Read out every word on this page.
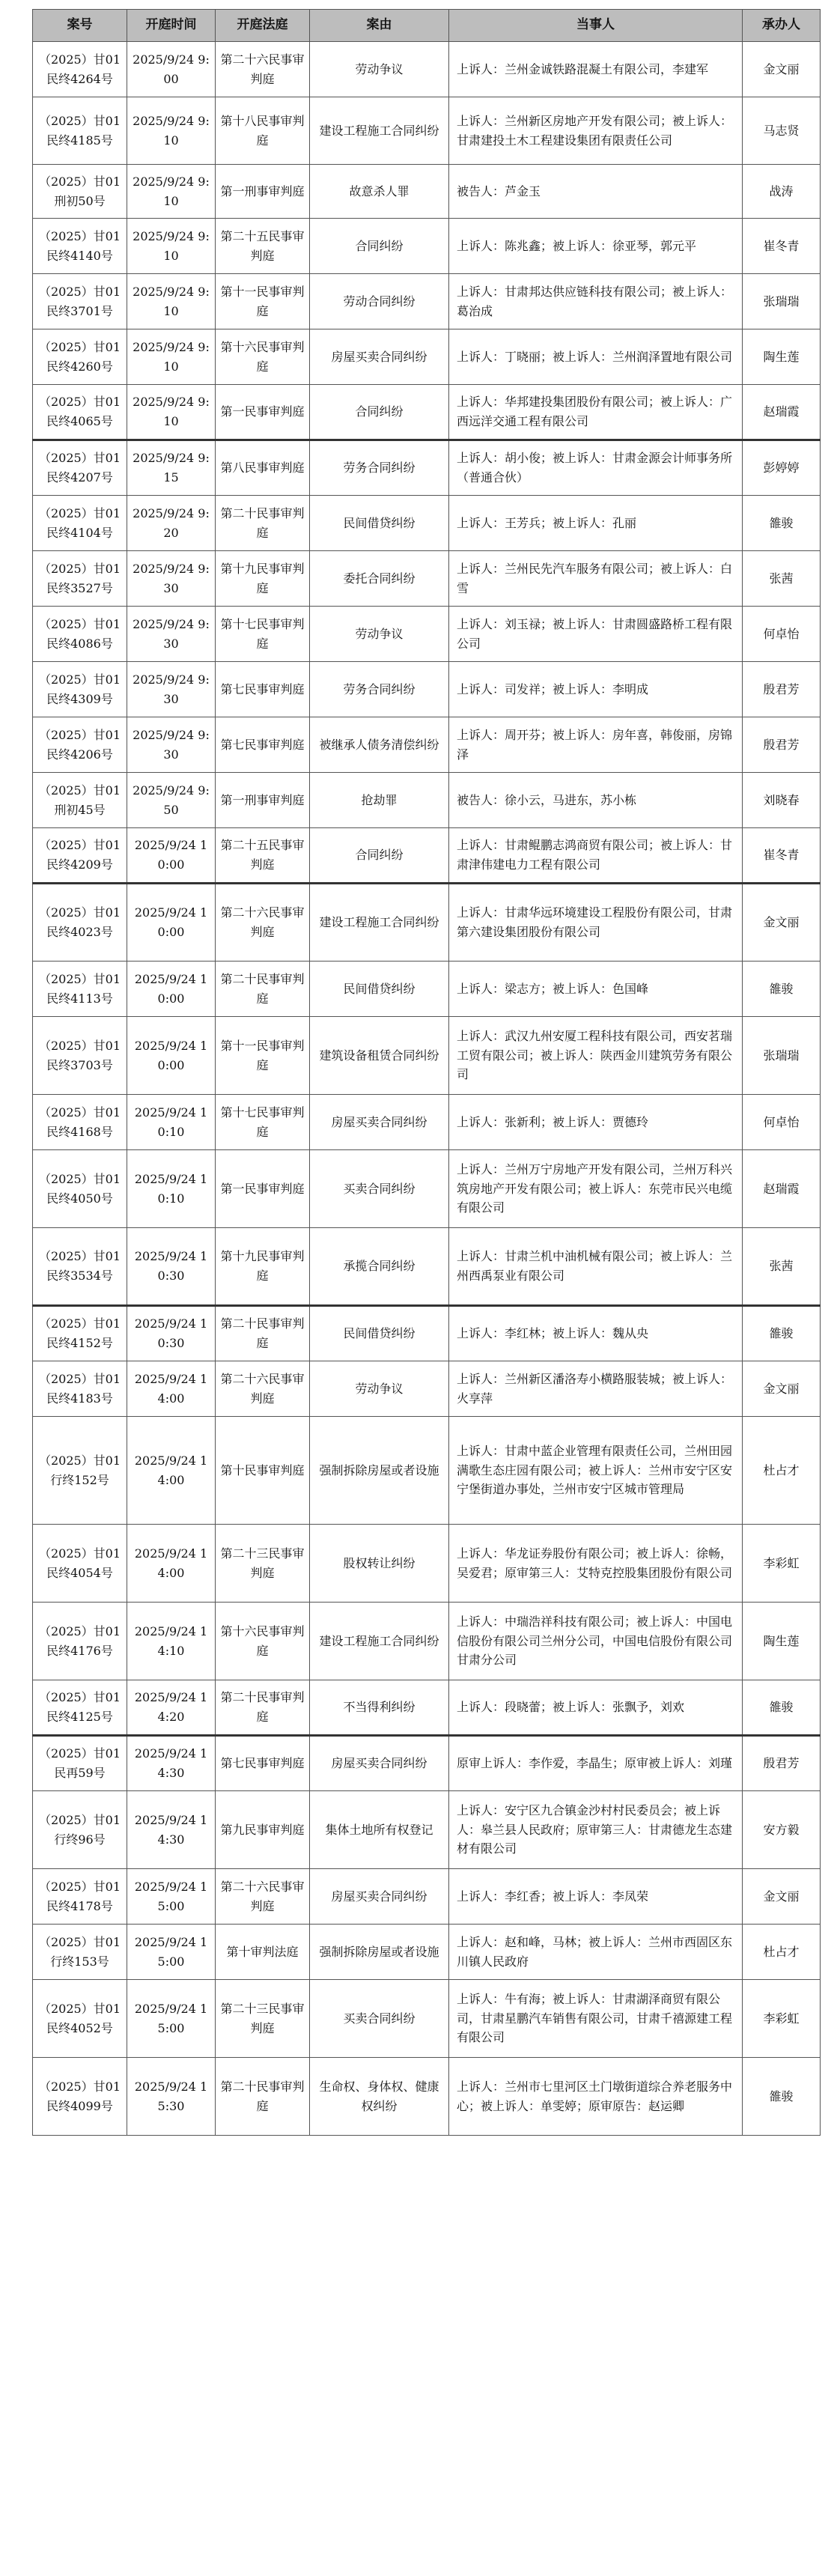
案号	开庭时间	开庭法庭	案由	当事人	承办人
（2025）甘01民终4264号	2025/9/24 9:00	第二十六民事审判庭	劳动争议	上诉人：兰州金诚铁路混凝土有限公司，李建军	金文丽
（2025）甘01民终4185号	2025/9/24 9:10	第十八民事审判庭	建设工程施工合同纠纷	上诉人：兰州新区房地产开发有限公司；被上诉人：甘肃建投土木工程建设集团有限责任公司	马志贤
（2025）甘01刑初50号	2025/9/24 9:10	第一刑事审判庭	故意杀人罪	被告人：芦金玉	战涛
（2025）甘01民终4140号	2025/9/24 9:10	第二十五民事审判庭	合同纠纷	上诉人：陈兆鑫；被上诉人：徐亚琴，郭元平	崔冬青
（2025）甘01民终3701号	2025/9/24 9:10	第十一民事审判庭	劳动合同纠纷	上诉人：甘肃邦达供应链科技有限公司；被上诉人：葛治成	张瑞瑞
（2025）甘01民终4260号	2025/9/24 9:10	第十六民事审判庭	房屋买卖合同纠纷	上诉人：丁晓丽；被上诉人：兰州润泽置地有限公司	陶生莲
（2025）甘01民终4065号	2025/9/24 9:10	第一民事审判庭	合同纠纷	上诉人：华邦建投集团股份有限公司；被上诉人：广西远洋交通工程有限公司	赵瑞霞
（2025）甘01民终4207号	2025/9/24 9:15	第八民事审判庭	劳务合同纠纷	上诉人：胡小俊；被上诉人：甘肃金源会计师事务所（普通合伙）	彭婷婷
（2025）甘01民终4104号	2025/9/24 9:20	第二十民事审判庭	民间借贷纠纷	上诉人：王芳兵；被上诉人：孔丽	雒骏
（2025）甘01民终3527号	2025/9/24 9:30	第十九民事审判庭	委托合同纠纷	上诉人：兰州民先汽车服务有限公司；被上诉人：白雪	张茜
（2025）甘01民终4086号	2025/9/24 9:30	第十七民事审判庭	劳动争议	上诉人：刘玉禄；被上诉人：甘肃圆盛路桥工程有限公司	何卓怡
（2025）甘01民终4309号	2025/9/24 9:30	第七民事审判庭	劳务合同纠纷	上诉人：司发祥；被上诉人：李明成	殷君芳
（2025）甘01民终4206号	2025/9/24 9:30	第七民事审判庭	被继承人债务清偿纠纷	上诉人：周开芬；被上诉人：房年喜，韩俊丽，房锦泽	殷君芳
（2025）甘01刑初45号	2025/9/24 9:50	第一刑事审判庭	抢劫罪	被告人：徐小云，马进东，苏小栋	刘晓春
（2025）甘01民终4209号	2025/9/24 10:00	第二十五民事审判庭	合同纠纷	上诉人：甘肃鲲鹏志鸿商贸有限公司；被上诉人：甘肃津伟建电力工程有限公司	崔冬青
（2025）甘01民终4023号	2025/9/24 10:00	第二十六民事审判庭	建设工程施工合同纠纷	上诉人：甘肃华远环境建设工程股份有限公司，甘肃第六建设集团股份有限公司	金文丽
（2025）甘01民终4113号	2025/9/24 10:00	第二十民事审判庭	民间借贷纠纷	上诉人：梁志方；被上诉人：色国峰	雒骏
（2025）甘01民终3703号	2025/9/24 10:00	第十一民事审判庭	建筑设备租赁合同纠纷	上诉人：武汉九州安厦工程科技有限公司，西安茗瑞工贸有限公司；被上诉人：陕西金川建筑劳务有限公司	张瑞瑞
（2025）甘01民终4168号	2025/9/24 10:10	第十七民事审判庭	房屋买卖合同纠纷	上诉人：张新利；被上诉人：贾德玲	何卓怡
（2025）甘01民终4050号	2025/9/24 10:10	第一民事审判庭	买卖合同纠纷	上诉人：兰州万宁房地产开发有限公司，兰州万科兴筑房地产开发有限公司；被上诉人：东莞市民兴电缆有限公司	赵瑞霞
（2025）甘01民终3534号	2025/9/24 10:30	第十九民事审判庭	承揽合同纠纷	上诉人：甘肃兰机中油机械有限公司；被上诉人：兰州西禹泵业有限公司	张茜
（2025）甘01民终4152号	2025/9/24 10:30	第二十民事审判庭	民间借贷纠纷	上诉人：李红林；被上诉人：魏从央	雒骏
（2025）甘01民终4183号	2025/9/24 14:00	第二十六民事审判庭	劳动争议	上诉人：兰州新区潘洛寿小横路服装城；被上诉人：火享萍	金文丽
（2025）甘01行终152号	2025/9/24 14:00	第十民事审判庭	强制拆除房屋或者设施	上诉人：甘肃中蓝企业管理有限责任公司，兰州田园满歌生态庄园有限公司；被上诉人：兰州市安宁区安宁堡街道办事处，兰州市安宁区城市管理局	杜占才
（2025）甘01民终4054号	2025/9/24 14:00	第二十三民事审判庭	股权转让纠纷	上诉人：华龙证券股份有限公司；被上诉人：徐畅，吴爱君；原审第三人：艾特克控股集团股份有限公司	李彩虹
（2025）甘01民终4176号	2025/9/24 14:10	第十六民事审判庭	建设工程施工合同纠纷	上诉人：中瑞浩祥科技有限公司；被上诉人：中国电信股份有限公司兰州分公司，中国电信股份有限公司甘肃分公司	陶生莲
（2025）甘01民终4125号	2025/9/24 14:20	第二十民事审判庭	不当得利纠纷	上诉人：段晓蕾；被上诉人：张飘予，刘欢	雒骏
（2025）甘01民再59号	2025/9/24 14:30	第七民事审判庭	房屋买卖合同纠纷	原审上诉人：李作爱，李晶生；原审被上诉人：刘瑾	殷君芳
（2025）甘01行终96号	2025/9/24 14:30	第九民事审判庭	集体土地所有权登记	上诉人：安宁区九合镇金沙村村民委员会；被上诉人：皋兰县人民政府；原审第三人：甘肃德龙生态建材有限公司	安方毅
（2025）甘01民终4178号	2025/9/24 15:00	第二十六民事审判庭	房屋买卖合同纠纷	上诉人：李红香；被上诉人：李凤荣	金文丽
（2025）甘01行终153号	2025/9/24 15:00	第十审判法庭	强制拆除房屋或者设施	上诉人：赵和峰，马林；被上诉人：兰州市西固区东川镇人民政府	杜占才
（2025）甘01民终4052号	2025/9/24 15:00	第二十三民事审判庭	买卖合同纠纷	上诉人：牛有海；被上诉人：甘肃湖泽商贸有限公司，甘肃星鹏汽车销售有限公司，甘肃千禧源建工程有限公司	李彩虹
（2025）甘01民终4099号	2025/9/24 15:30	第二十民事审判庭	生命权、身体权、健康权纠纷	上诉人：兰州市七里河区土门墩街道综合养老服务中心；被上诉人：单雯婷；原审原告：赵运卿	雒骏
